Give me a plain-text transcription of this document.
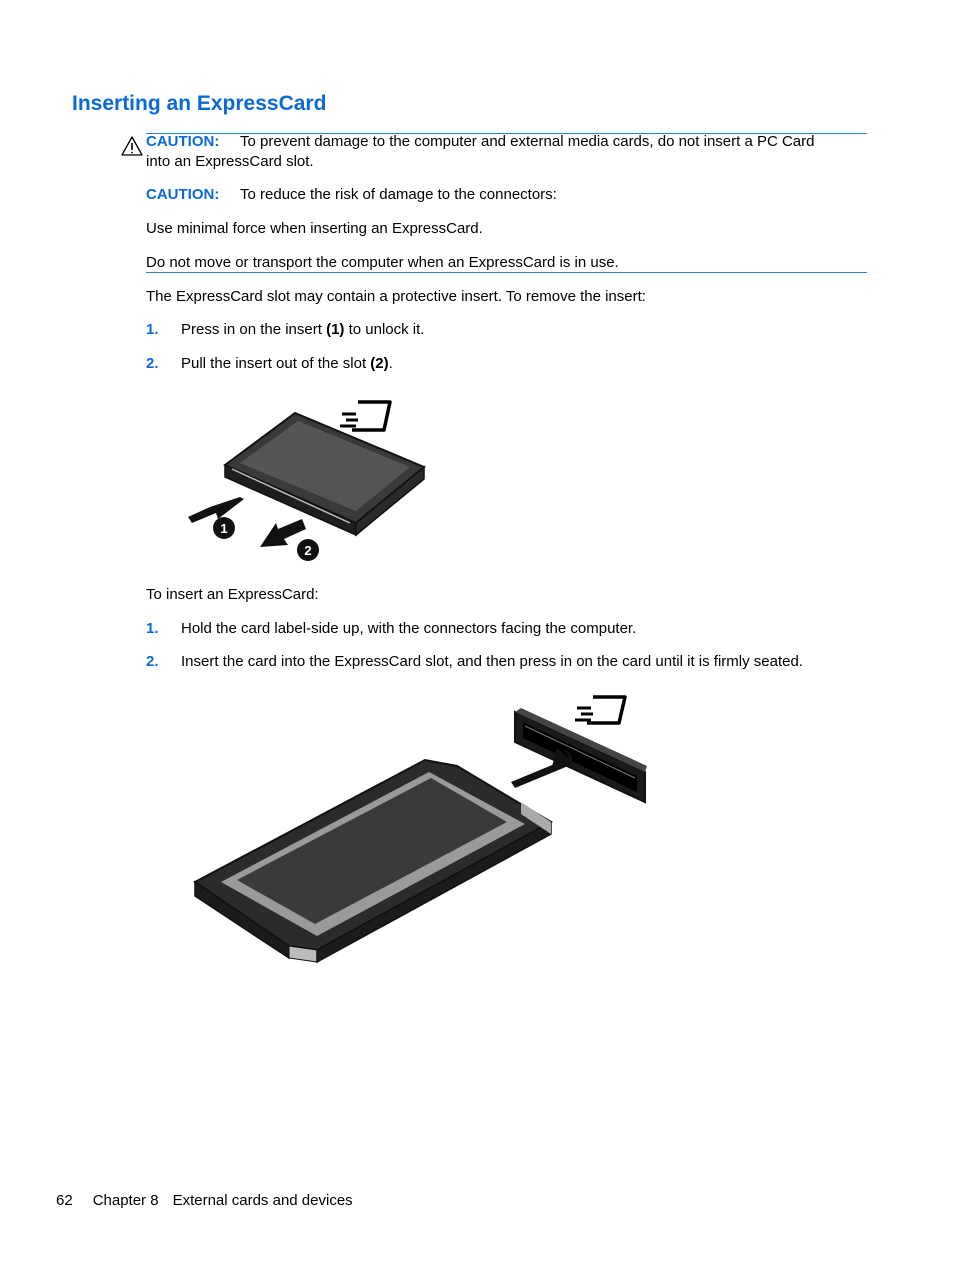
Inserting an ExpressCard
CAUTION: To prevent damage to the computer and external media cards, do not insert a PC Card
into an ExpressCard slot.
CAUTION: To reduce the risk of damage to the connectors:
Use minimal force when inserting an ExpressCard.
Do not move or transport the computer when an ExpressCard is in use.
The ExpressCard slot may contain a protective insert. To remove the insert:
1. Press in on the insert (1) to unlock it.
2. Pull the insert out of the slot (2).
1
2
To insert an ExpressCard:
1. Hold the card label-side up, with the connectors facing the computer.
2. Insert the card into the ExpressCard slot, and then press in on the card until it is firmly seated.
62 Chapter 8 External cards and devices
